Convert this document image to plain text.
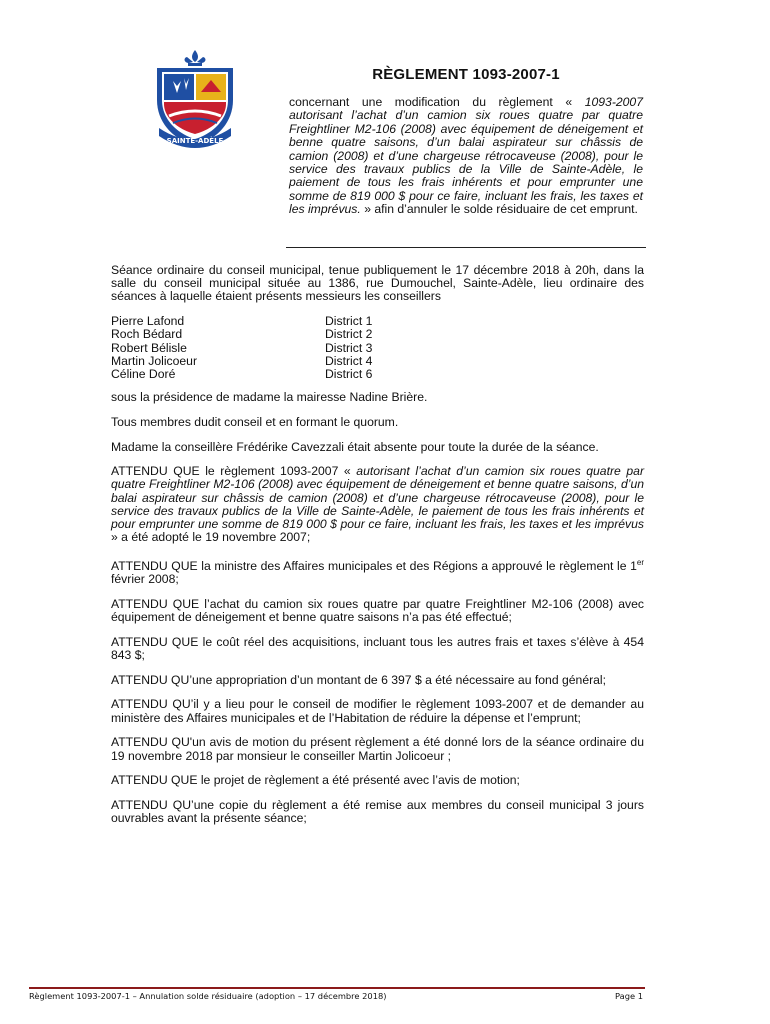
SAINTE-ADÈLE
RÈGLEMENT 1093-2007-1
concernant une modification du règlement « 1093-2007 autorisant l’achat d’un camion six roues quatre par quatre Freightliner M2-106 (2008) avec équipement de déneigement et benne quatre saisons, d’un balai aspirateur sur châssis de camion (2008) et d’une chargeuse rétrocaveuse (2008), pour le service des travaux publics de la Ville de Sainte-Adèle, le paiement de tous les frais inhérents et pour emprunter une somme de 819 000 $ pour ce faire, incluant les frais, les taxes et les imprévus. » afin d’annuler le solde résiduaire de cet emprunt.

Séance ordinaire du conseil municipal, tenue publiquement le 17 décembre 2018 à 20h, dans la salle du conseil municipal située au 1386, rue Dumouchel, Sainte-Adèle, lieu ordinaire des séances à laquelle étaient présents messieurs les conseillers

Pierre Lafond	District 1
Roch Bédard	District 2
Robert Bélisle	District 3
Martin Jolicoeur	District 4
Céline Doré	District 6

sous la présidence de madame la mairesse Nadine Brière.

Tous membres dudit conseil et en formant le quorum.

Madame la conseillère Frédérike Cavezzali était absente pour toute la durée de la séance.

ATTENDU QUE le règlement 1093-2007 « autorisant l’achat d’un camion six roues quatre par quatre Freightliner M2-106 (2008) avec équipement de déneigement et benne quatre saisons, d’un balai aspirateur sur châssis de camion (2008) et d’une chargeuse rétrocaveuse (2008), pour le service des travaux publics de la Ville de Sainte-Adèle, le paiement de tous les frais inhérents et pour emprunter une somme de 819 000 $ pour ce faire, incluant les frais, les taxes et les imprévus » a été adopté le 19 novembre 2007;

ATTENDU QUE la ministre des Affaires municipales et des Régions a approuvé le règlement le 1er février 2008;

ATTENDU QUE l’achat du camion six roues quatre par quatre Freightliner M2-106 (2008) avec équipement de déneigement et benne quatre saisons n’a pas été effectué;

ATTENDU QUE le coût réel des acquisitions, incluant tous les autres frais et taxes s’élève à 454 843 $;

ATTENDU QU’une appropriation d’un montant de 6 397 $ a été nécessaire au fond général;

ATTENDU QU’il y a lieu pour le conseil de modifier le règlement 1093-2007 et de demander au ministère des Affaires municipales et de l’Habitation de réduire la dépense et l’emprunt;

ATTENDU QU'un avis de motion du présent règlement a été donné lors de la séance ordinaire du 19 novembre 2018 par monsieur le conseiller Martin Jolicoeur ;

ATTENDU QUE le projet de règlement a été présenté avec l’avis de motion;

ATTENDU QU’une copie du règlement a été remise aux membres du conseil municipal 3 jours ouvrables avant la présente séance;

Règlement 1093-2007-1 – Annulation solde résiduaire (adoption – 17 décembre 2018)	Page 1
